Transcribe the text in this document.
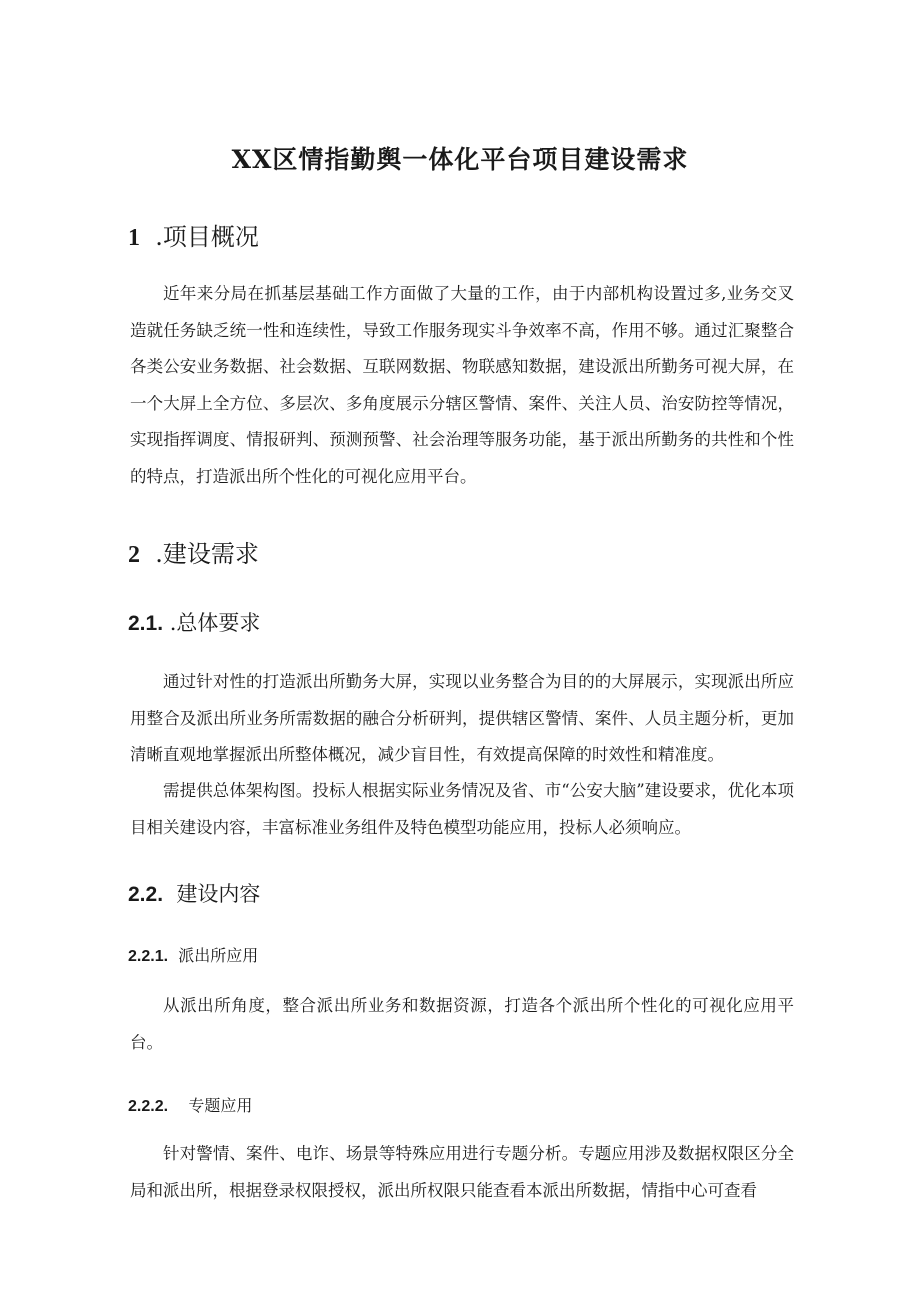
XX区情指勤舆一体化平台项目建设需求
1 .项目概况

近年来分局在抓基层基础工作方面做了大量的工作，由于内部机构设置过多,业务交叉造就任务缺乏统一性和连续性，导致工作服务现实斗争效率不高，作用不够。通过汇聚整合各类公安业务数据、社会数据、互联网数据、物联感知数据，建设派出所勤务可视大屏，在一个大屏上全方位、多层次、多角度展示分辖区警情、案件、关注人员、治安防控等情况，实现指挥调度、情报研判、预测预警、社会治理等服务功能，基于派出所勤务的共性和个性的特点，打造派出所个性化的可视化应用平台。

2 .建设需求
2.1. .总体要求

通过针对性的打造派出所勤务大屏，实现以业务整合为目的的大屏展示，实现派出所应用整合及派出所业务所需数据的融合分析研判，提供辖区警情、案件、人员主题分析，更加清晰直观地掌握派出所整体概况，减少盲目性，有效提高保障的时效性和精准度。

需提供总体架构图。投标人根据实际业务情况及省、市“公安大脑”建设要求，优化本项目相关建设内容，丰富标准业务组件及特色模型功能应用，投标人必须响应。

2.2. 建设内容
2.2.1. 派出所应用

从派出所角度，整合派出所业务和数据资源，打造各个派出所个性化的可视化应用平台。

2.2.2. 专题应用

针对警情、案件、电诈、场景等特殊应用进行专题分析。专题应用涉及数据权限区分全局和派出所，根据登录权限授权，派出所权限只能查看本派出所数据，情指中心可查看
